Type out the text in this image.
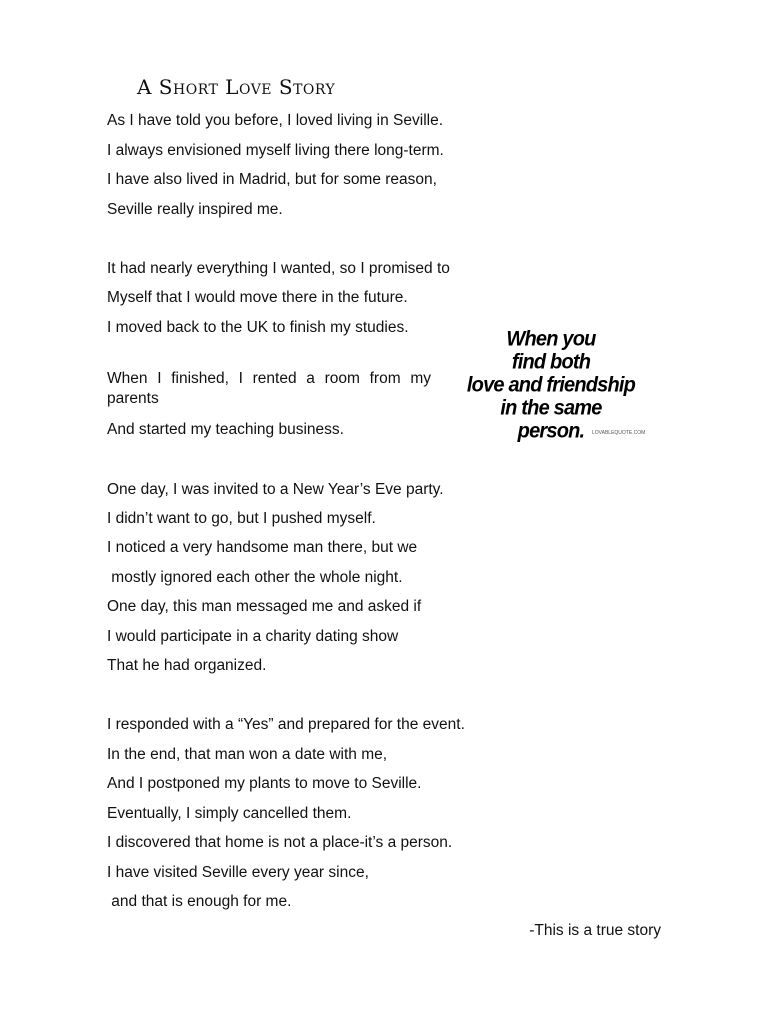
A Short Love Story

As I have told you before, I loved living in Seville.

I always envisioned myself living there long-term.

I have also lived in Madrid, but for some reason,

Seville really inspired me.

It had nearly everything I wanted, so I promised to

Myself that I would move there in the future.

I moved back to the UK to finish my studies.

When I finished, I rented a room from my parents

And started my teaching business.

When you

find both

love and friendship

in the same

person.	LOVABLEQUOTE.COM

One day, I was invited to a New Year’s Eve party.

I didn’t want to go, but I pushed myself.

I noticed a very handsome man there, but we

mostly ignored each other the whole night.

One day, this man messaged me and asked if

I would participate in a charity dating show

That he had organized.

I responded with a “Yes” and prepared for the event.

In the end, that man won a date with me,

And I postponed my plants to move to Seville.

Eventually, I simply cancelled them.

I discovered that home is not a place-it’s a person.

I have visited Seville every year since,

and that is enough for me.

-This is a true story
